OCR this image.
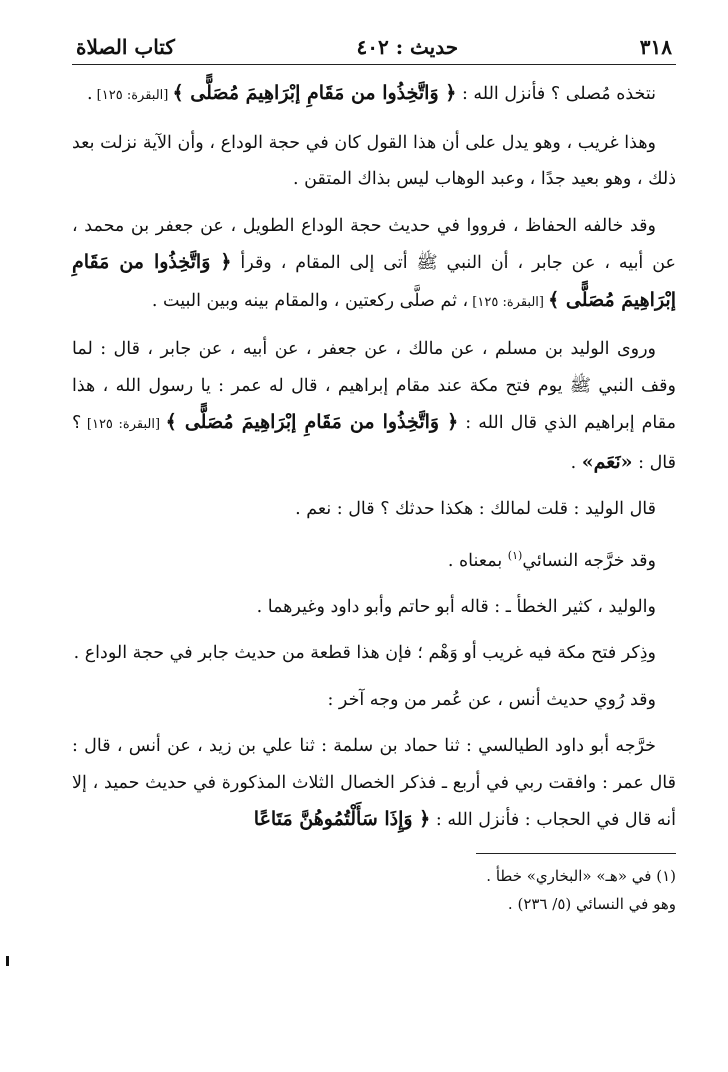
٣١٨
حديث : ٤٠٢
كتاب الصلاة

نتخذه مُصلى ؟ فأنزل الله : ﴿ وَاتَّخِذُوا من مَقَامِ إبْرَاهِيمَ مُصَلًّى ﴾ [البقرة: ١٢٥] .

وهذا غريب ، وهو يدل على أن هذا القول كان في حجة الوداع ، وأن الآية نزلت بعد ذلك ، وهو بعيد جدًا ، وعبد الوهاب ليس بذاك المتقن .

وقد خالفه الحفاظ ، فرووا في حديث حجة الوداع الطويل ، عن جعفر بن محمد ، عن أبيه ، عن جابر ، أن النبي ﷺ أتى إلى المقام ، وقرأ ﴿ وَاتَّخِذُوا من مَقَامِ إبْرَاهِيمَ مُصَلًّى ﴾ [البقرة: ١٢٥] ، ثم صلَّى ركعتين ، والمقام بينه وبين البيت .

وروى الوليد بن مسلم ، عن مالك ، عن جعفر ، عن أبيه ، عن جابر ، قال : لما وقف النبي ﷺ يوم فتح مكة عند مقام إبراهيم ، قال له عمر : يا رسول الله ، هذا مقام إبراهيم الذي قال الله : ﴿ وَاتَّخِذُوا من مَقَامِ إبْرَاهِيمَ مُصَلًّى ﴾ [البقرة: ١٢٥] ؟ قال : «نَعَم» .

قال الوليد : قلت لمالك : هكذا حدثك ؟ قال : نعم .

وقد خرَّجه النسائي$^{(١)}$ بمعناه .

والوليد ، كثير الخطأ ـ : قاله أبو حاتم وأبو داود وغيرهما .

وذِكر فتح مكة فيه غريب أو وَهْم ؛ فإن هذا قطعة من حديث جابر في حجة الوداع .

وقد رُوي حديث أنس ، عن عُمر من وجه آخر :

خرَّجه أبو داود الطيالسي : ثنا حماد بن سلمة : ثنا علي بن زيد ، عن أنس ، قال : قال عمر : وافقت ربي في أربع ـ فذكر الخصال الثلاث المذكورة في حديث حميد ، إلا أنه قال في الحجاب : فأنزل الله : ﴿ وَإِذَا سَأَلْتُمُوهُنَّ مَتَاعًا

(١) في «هـ» «البخاري» خطأ .

وهو في النسائي (٥/ ٢٣٦) .
